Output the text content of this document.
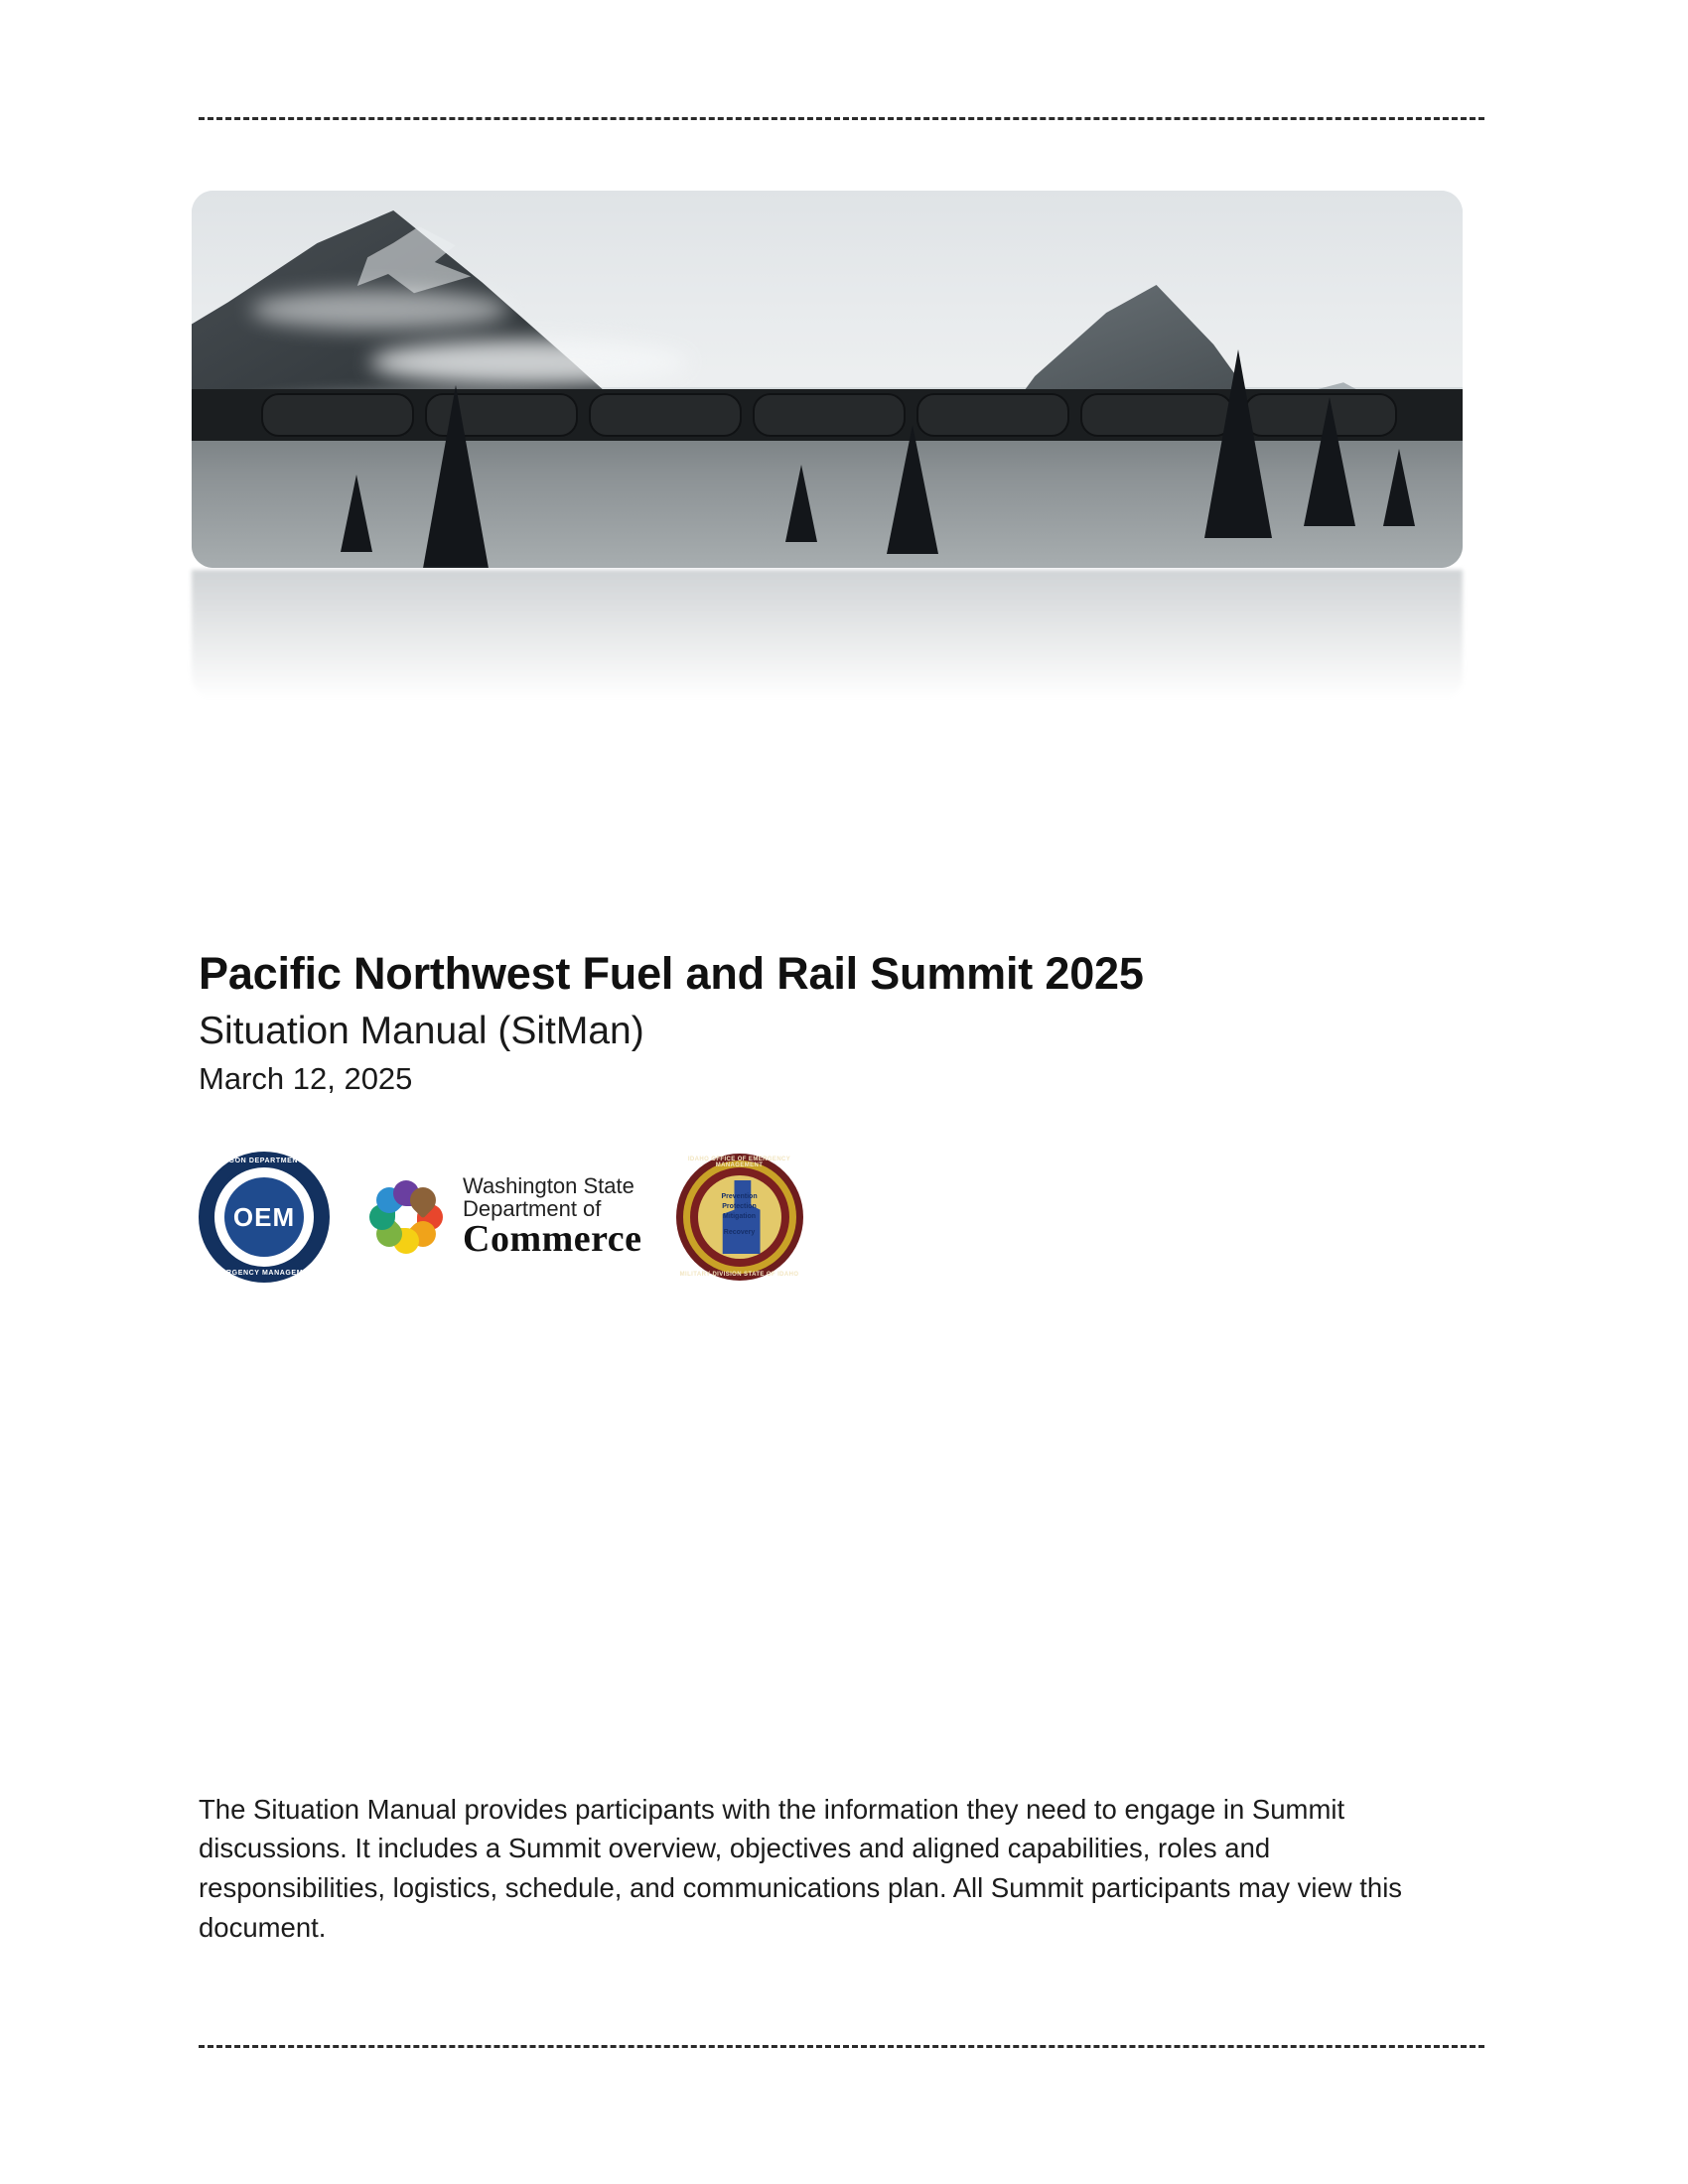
Pacific Northwest Fuel and Rail Summit 2025
Situation Manual (SitMan)
March 12, 2025
OREGON DEPARTMENT OF
EMERGENCY MANAGEMENT
OEM
Washington State
Department of
Commerce
IDAHO OFFICE OF EMERGENCY MANAGEMENT
MILITARY DIVISION STATE OF IDAHO
Prevention
Protection
Mitigation
Recovery

The Situation Manual provides participants with the information they need to engage in Summit discussions. It includes a Summit overview, objectives and aligned capabilities, roles and responsibilities, logistics, schedule, and communications plan. All Summit participants may view this document.
